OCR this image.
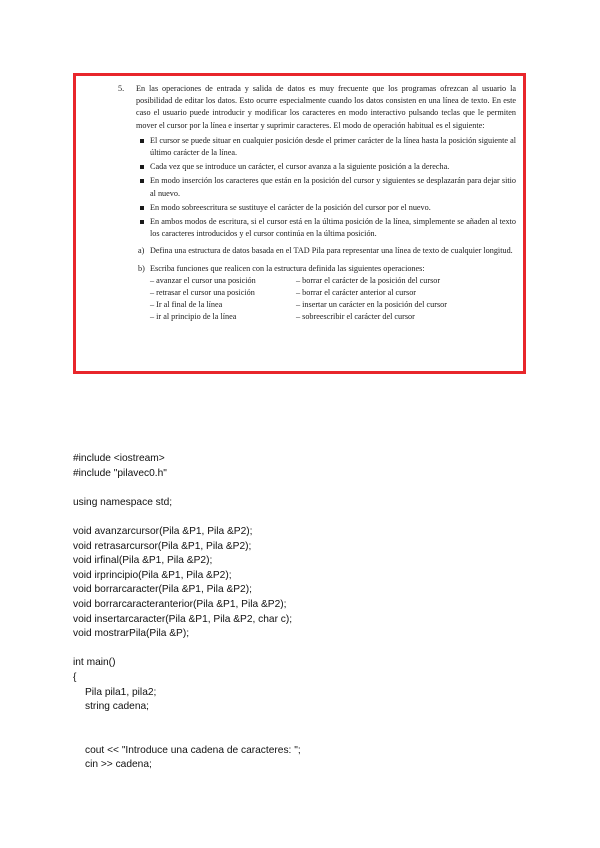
5. En las operaciones de entrada y salida de datos es muy frecuente que los programas ofrezcan al usuario la posibilidad de editar los datos. Esto ocurre especialmente cuando los datos consisten en una línea de texto. En este caso el usuario puede introducir y modificar los caracteres en modo interactivo pulsando teclas que le permiten mover el cursor por la línea e insertar y suprimir caracteres. El modo de operación habitual es el siguiente:
El cursor se puede situar en cualquier posición desde el primer carácter de la línea hasta la posición siguiente al último carácter de la línea.
Cada vez que se introduce un carácter, el cursor avanza a la siguiente posición a la derecha.
En modo inserción los caracteres que están en la posición del cursor y siguientes se desplazarán para dejar sitio al nuevo.
En modo sobreescritura se sustituye el carácter de la posición del cursor por el nuevo.
En ambos modos de escritura, si el cursor está en la última posición de la línea, simplemente se añaden al texto los caracteres introducidos y el cursor continúa en la última posición.
a) Defina una estructura de datos basada en el TAD Pila para representar una línea de texto de cualquier longitud.
b) Escriba funciones que realicen con la estructura definida las siguientes operaciones:
– avanzar el cursor una posición
– retrasar el cursor una posición
– Ir al final de la línea
– ir al principio de la línea
– borrar el carácter de la posición del cursor
– borrar el carácter anterior al cursor
– insertar un carácter en la posición del cursor
– sobreescribir el carácter del cursor
#include <iostream>
#include "pilavec0.h"
using namespace std;
void avanzarcursor(Pila &P1, Pila &P2);
void retrasarcursor(Pila &P1, Pila &P2);
void irfinal(Pila &P1, Pila &P2);
void irprincipio(Pila &P1, Pila &P2);
void borrarcaracter(Pila &P1, Pila &P2);
void borrarcaracteranterior(Pila &P1, Pila &P2);
void insertarcaracter(Pila &P1, Pila &P2, char c);
void mostrarPila(Pila &P);
int main()
{
Pila pila1, pila2;
string cadena;
cout << "Introduce una cadena de caracteres: ";
cin >> cadena;
